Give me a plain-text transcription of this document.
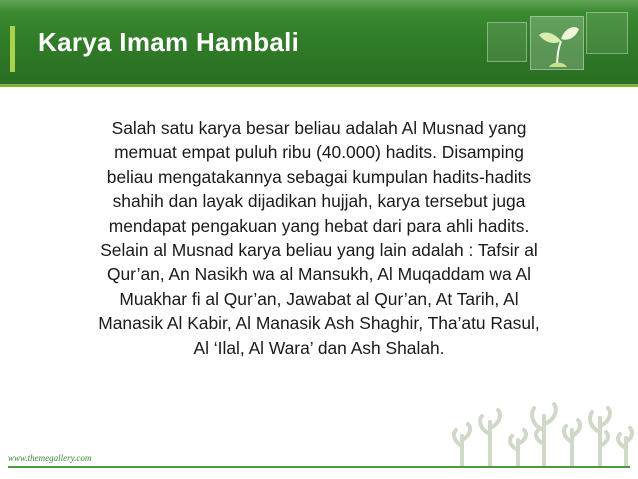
Karya Imam Hambali

Salah satu karya besar beliau adalah Al Musnad yang
memuat empat puluh ribu (40.000) hadits. Disamping
beliau mengatakannya sebagai kumpulan hadits-hadits
shahih dan layak dijadikan hujjah, karya tersebut juga
mendapat pengakuan yang hebat dari para ahli hadits.
Selain al Musnad karya beliau yang lain adalah : Tafsir al
Qur’an, An Nasikh wa al Mansukh, Al Muqaddam wa Al
Muakhar fi al Qur’an, Jawabat al Qur’an, At Tarih, Al
Manasik Al Kabir, Al Manasik Ash Shaghir, Tha’atu Rasul,
Al ‘Ilal, Al Wara’ dan Ash Shalah.

www.themegallery.com
